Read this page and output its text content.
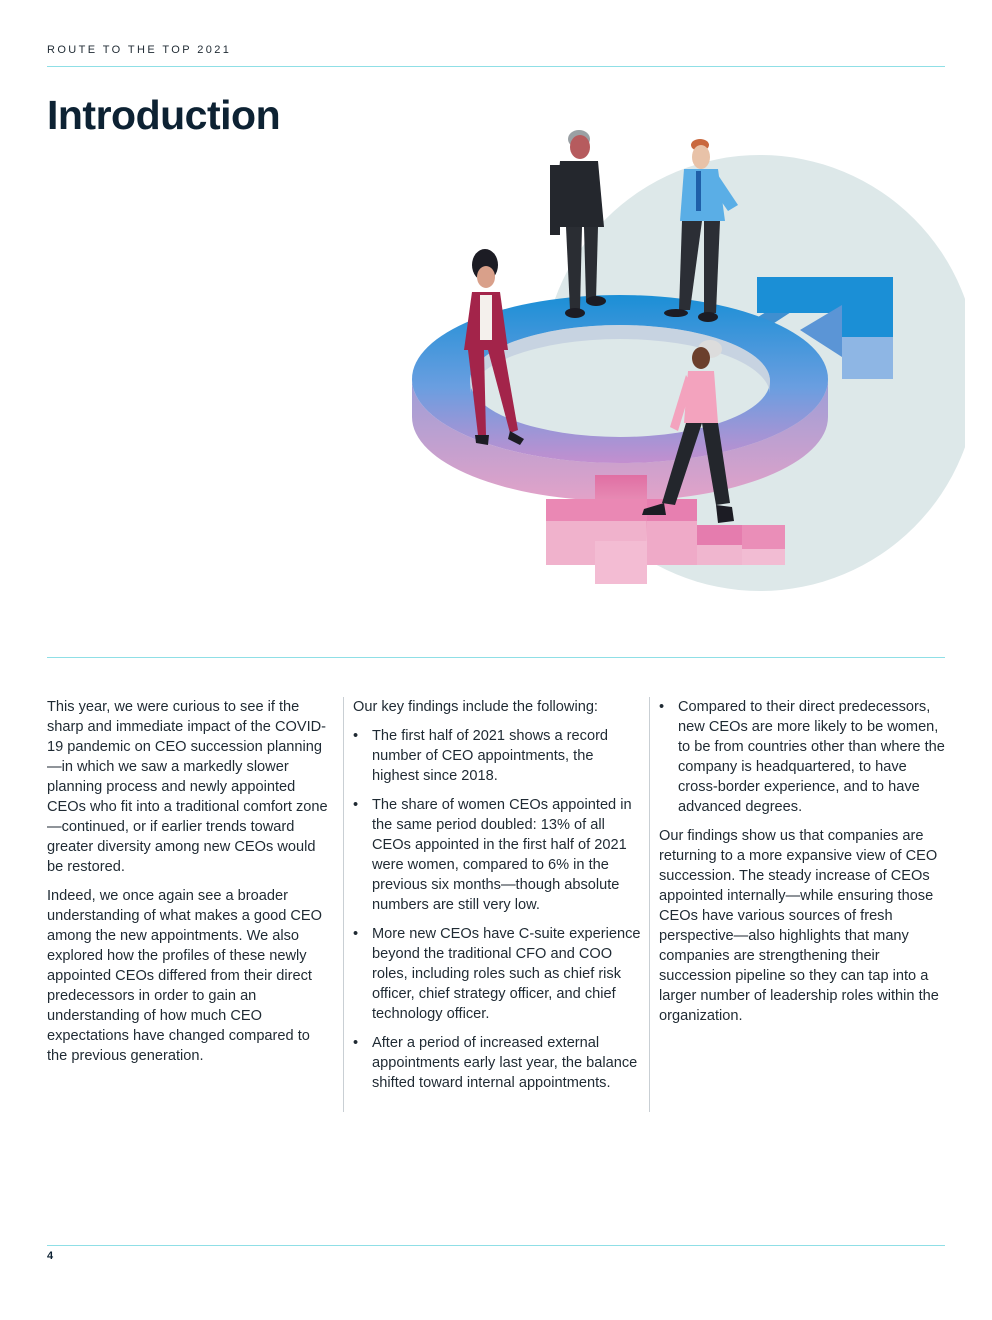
ROUTE TO THE TOP 2021
Introduction

This year, we were curious to see if the sharp and immediate impact of the COVID-19 pandemic on CEO succession planning—in which we saw a markedly slower planning process and newly appointed CEOs who fit into a traditional comfort zone—continued, or if earlier trends toward greater diversity among new CEOs would be restored.

Indeed, we once again see a broader understanding of what makes a good CEO among the new appointments. We also explored how the profiles of these newly appointed CEOs differed from their direct predecessors in order to gain an understanding of how much CEO expectations have changed compared to the previous generation.

Our key findings include the following:

• The first half of 2021 shows a record number of CEO appointments, the highest since 2018.
• The share of women CEOs appointed in the same period doubled: 13% of all CEOs appointed in the first half of 2021 were women, compared to 6% in the previous six months—though absolute numbers are still very low.
• More new CEOs have C-suite experience beyond the traditional CFO and COO roles, including roles such as chief risk officer, chief strategy officer, and chief technology officer.
• After a period of increased external appointments early last year, the balance shifted toward internal appointments.
• Compared to their direct predecessors, new CEOs are more likely to be women, to be from countries other than where the company is headquartered, to have cross-border experience, and to have advanced degrees.

Our findings show us that companies are returning to a more expansive view of CEO succession. The steady increase of CEOs appointed internally—while ensuring those CEOs have various sources of fresh perspective—also highlights that many companies are strengthening their succession pipeline so they can tap into a larger number of leadership roles within the organization.

4
